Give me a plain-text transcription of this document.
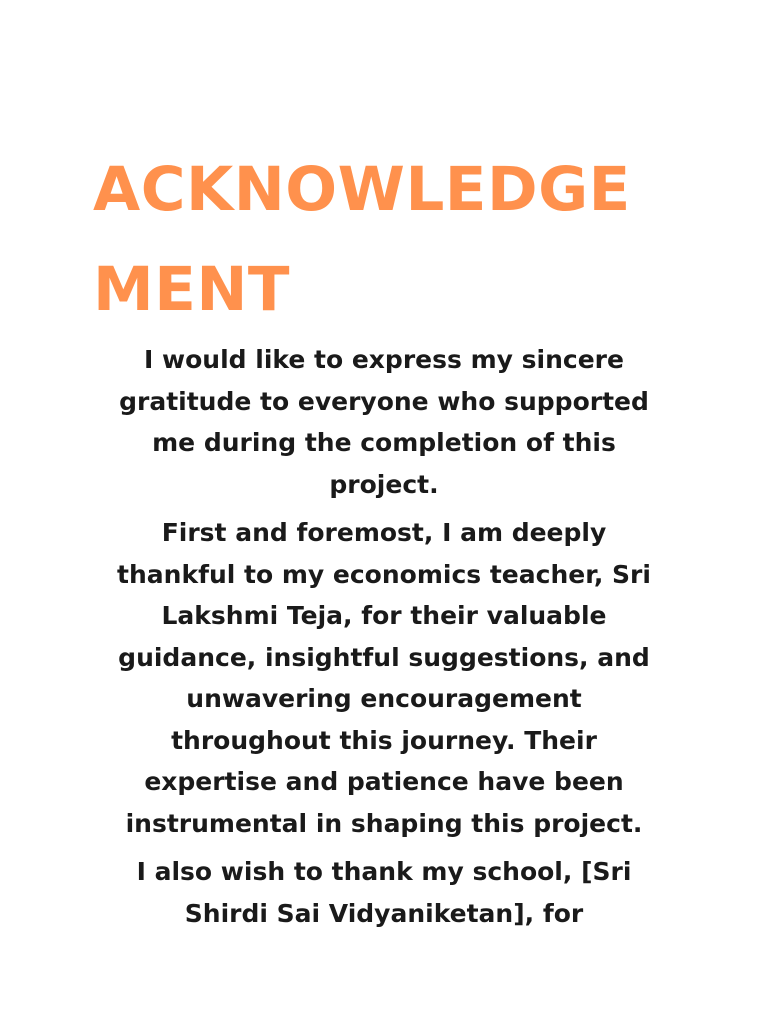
ACKNOWLEDGE
MENT

I would like to express my sincere
gratitude to everyone who supported
me during the completion of this
project.

First and foremost, I am deeply
thankful to my economics teacher, Sri
Lakshmi Teja, for their valuable
guidance, insightful suggestions, and
unwavering encouragement
throughout this journey. Their
expertise and patience have been
instrumental in shaping this project.

I also wish to thank my school, [Sri
Shirdi Sai Vidyaniketan], for
